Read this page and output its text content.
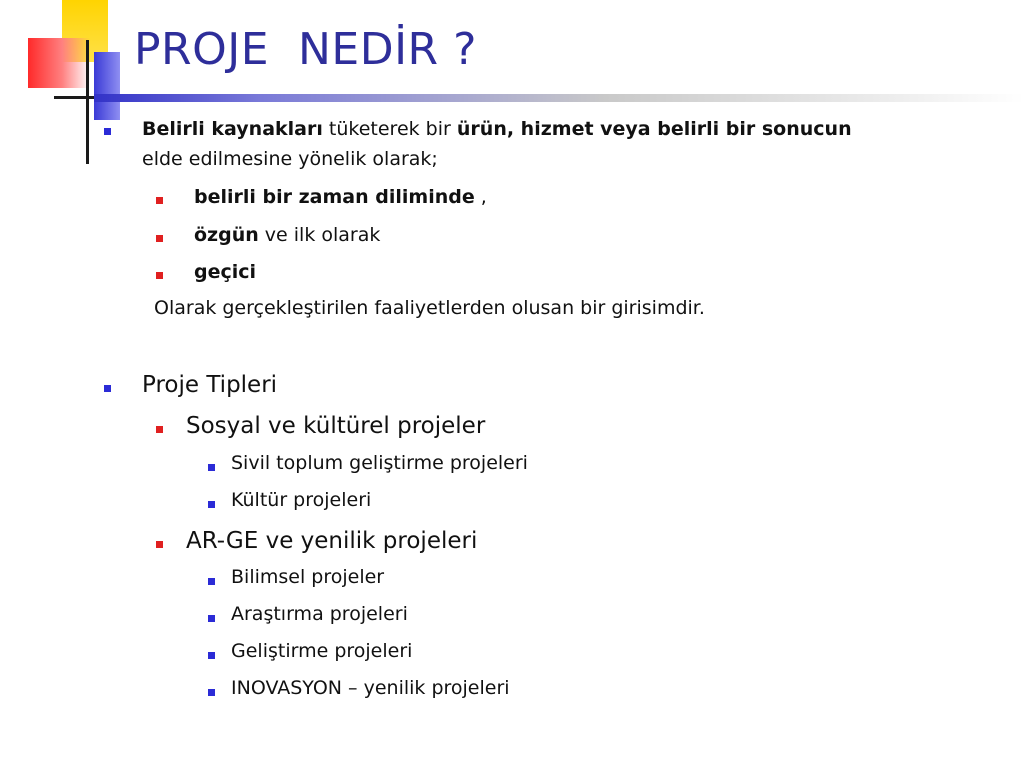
PROJE  NEDİR ?
Belirli kaynakları tüketerek bir ürün, hizmet veya belirli bir sonucun
elde edilmesine yönelik olarak;
belirli bir zaman diliminde ,
özgün ve ilk olarak
geçici
Olarak gerçekleştirilen faaliyetlerden olusan bir girisimdir.
Proje Tipleri
Sosyal ve kültürel projeler
Sivil toplum geliştirme projeleri
Kültür projeleri
AR-GE ve yenilik projeleri
Bilimsel projeler
Araştırma projeleri
Geliştirme projeleri
INOVASYON – yenilik projeleri
